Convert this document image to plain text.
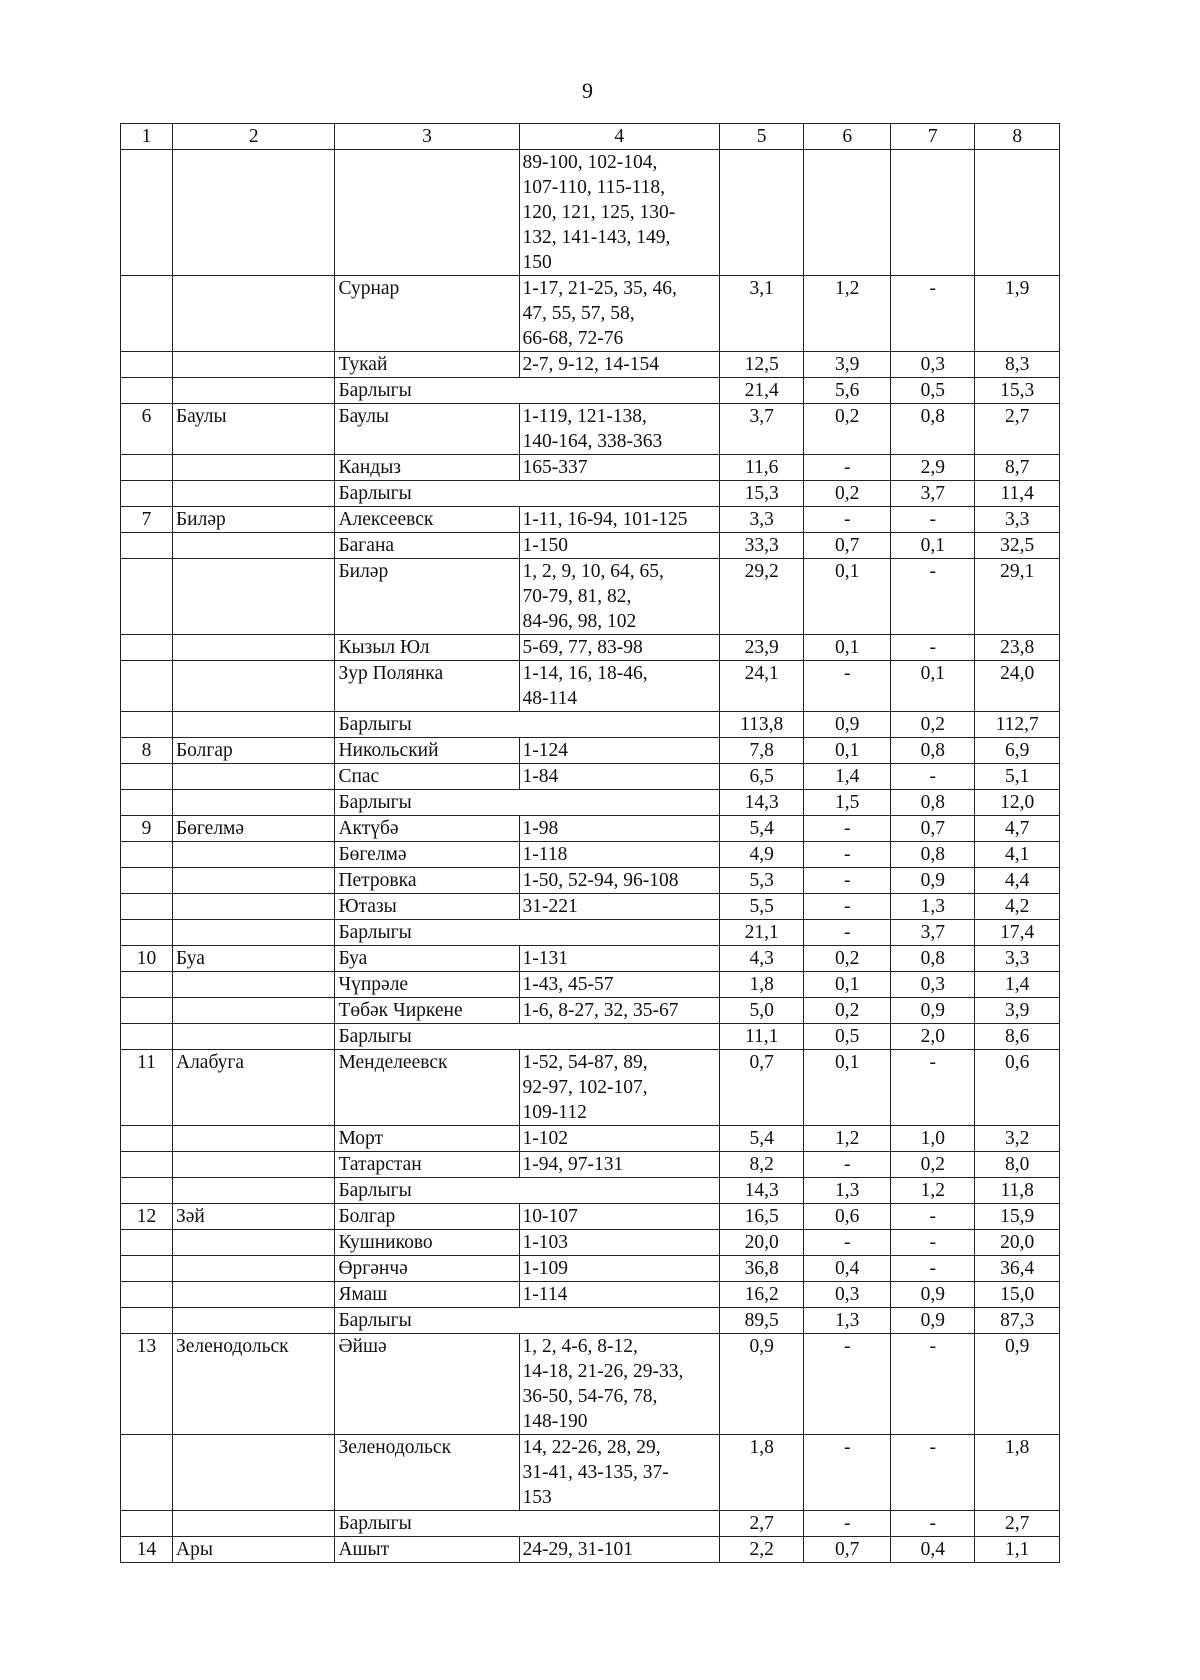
9
1	2	3	4	5	6	7	8
			89-100, 102-104,
107-110, 115-118,
120, 121, 125, 130-
132, 141-143, 149,
150				
		Сурнар	1-17, 21-25, 35, 46,
47, 55, 57, 58,
66-68, 72-76	3,1	1,2	-	1,9
		Тукай	2-7, 9-12, 14-154	12,5	3,9	0,3	8,3
		Барлыгы		21,4	5,6	0,5	15,3
6	Баулы	Баулы	1-119, 121-138,
140-164, 338-363	3,7	0,2	0,8	2,7
		Кандыз	165-337	11,6	-	2,9	8,7
		Барлыгы		15,3	0,2	3,7	11,4
7	Биләр	Алексеевск	1-11, 16-94, 101-125	3,3	-	-	3,3
		Багана	1-150	33,3	0,7	0,1	32,5
		Биләр	1, 2, 9, 10, 64, 65,
70-79, 81, 82,
84-96, 98, 102	29,2	0,1	-	29,1
		Кызыл Юл	5-69, 77, 83-98	23,9	0,1	-	23,8
		Зур Полянка	1-14, 16, 18-46,
48-114	24,1	-	0,1	24,0
		Барлыгы		113,8	0,9	0,2	112,7
8	Болгар	Никольский	1-124	7,8	0,1	0,8	6,9
		Спас	1-84	6,5	1,4	-	5,1
		Барлыгы		14,3	1,5	0,8	12,0
9	Бөгелмә	Актүбә	1-98	5,4	-	0,7	4,7
		Бөгелмә	1-118	4,9	-	0,8	4,1
		Петровка	1-50, 52-94, 96-108	5,3	-	0,9	4,4
		Ютазы	31-221	5,5	-	1,3	4,2
		Барлыгы		21,1	-	3,7	17,4
10	Буа	Буа	1-131	4,3	0,2	0,8	3,3
		Чүпрәле	1-43, 45-57	1,8	0,1	0,3	1,4
		Төбәк Чиркене	1-6, 8-27, 32, 35-67	5,0	0,2	0,9	3,9
		Барлыгы		11,1	0,5	2,0	8,6
11	Алабуга	Менделеевск	1-52, 54-87, 89,
92-97, 102-107,
109-112	0,7	0,1	-	0,6
		Морт	1-102	5,4	1,2	1,0	3,2
		Татарстан	1-94, 97-131	8,2	-	0,2	8,0
		Барлыгы		14,3	1,3	1,2	11,8
12	Зәй	Болгар	10-107	16,5	0,6	-	15,9
		Кушниково	1-103	20,0	-	-	20,0
		Өргәнчә	1-109	36,8	0,4	-	36,4
		Ямаш	1-114	16,2	0,3	0,9	15,0
		Барлыгы		89,5	1,3	0,9	87,3
13	Зеленодольск	Әйшә	1, 2, 4-6, 8-12,
14-18, 21-26, 29-33,
36-50, 54-76, 78,
148-190	0,9	-	-	0,9
		Зеленодольск	14, 22-26, 28, 29,
31-41, 43-135, 37-
153	1,8	-	-	1,8
		Барлыгы		2,7	-	-	2,7
14	Ары	Ашыт	24-29, 31-101	2,2	0,7	0,4	1,1
